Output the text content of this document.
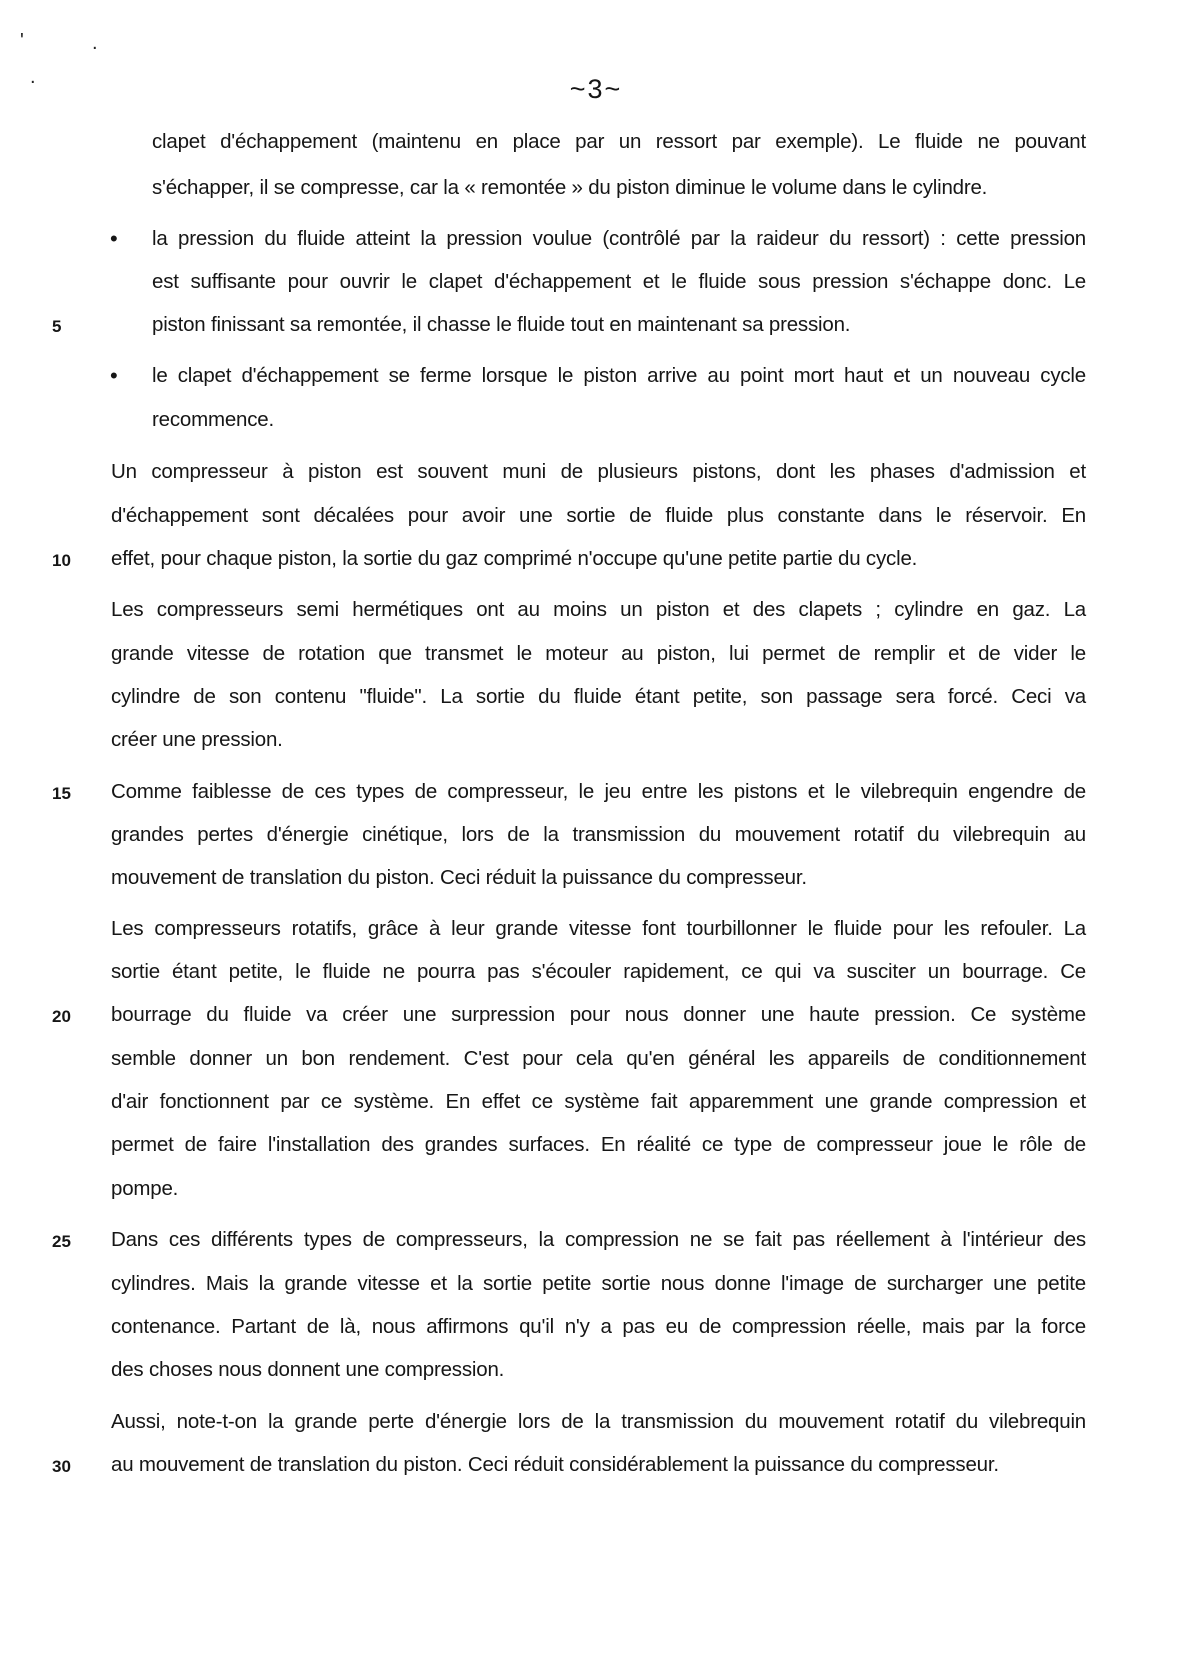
'	.
.	~3~
clapet d'échappement (maintenu en place par un ressort par exemple). Le fluide ne pouvant
s'échapper, il se compresse, car la « remontée » du piston diminue le volume dans le cylindre.
• la pression du fluide atteint la pression voulue (contrôlé par la raideur du ressort) : cette pression
est suffisante pour ouvrir le clapet d'échappement et le fluide sous pression s'échappe donc. Le
piston finissant sa remontée, il chasse le fluide tout en maintenant sa pression.
• le clapet d'échappement se ferme lorsque le piston arrive au point mort haut et un nouveau cycle
recommence.
Un compresseur à piston est souvent muni de plusieurs pistons, dont les phases d'admission et
d'échappement sont décalées pour avoir une sortie de fluide plus constante dans le réservoir. En
effet, pour chaque piston, la sortie du gaz comprimé n'occupe qu'une petite partie du cycle.
Les compresseurs semi hermétiques ont au moins un piston et des clapets ; cylindre en gaz. La
grande vitesse de rotation que transmet le moteur au piston, lui permet de remplir et de vider le
cylindre de son contenu "fluide". La sortie du fluide étant petite, son passage sera forcé. Ceci va
créer une pression.
Comme faiblesse de ces types de compresseur, le jeu entre les pistons et le vilebrequin engendre de
grandes pertes d'énergie cinétique, lors de la transmission du mouvement rotatif du vilebrequin au
mouvement de translation du piston. Ceci réduit la puissance du compresseur.
Les compresseurs rotatifs, grâce à leur grande vitesse font tourbillonner le fluide pour les refouler. La
sortie étant petite, le fluide ne pourra pas s'écouler rapidement, ce qui va susciter un bourrage. Ce
bourrage du fluide va créer une surpression pour nous donner une haute pression. Ce système
semble donner un bon rendement. C'est pour cela qu'en général les appareils de conditionnement
d'air fonctionnent par ce système. En effet ce système fait apparemment une grande compression et
permet de faire l'installation des grandes surfaces. En réalité ce type de compresseur joue le rôle de
pompe.
Dans ces différents types de compresseurs, la compression ne se fait pas réellement à l'intérieur des
cylindres. Mais la grande vitesse et la sortie petite sortie nous donne l'image de surcharger une petite
contenance. Partant de là, nous affirmons qu'il n'y a pas eu de compression réelle, mais par la force
des choses nous donnent une compression.
Aussi, note-t-on la grande perte d'énergie lors de la transmission du mouvement rotatif du vilebrequin
au mouvement de translation du piston. Ceci réduit considérablement la puissance du compresseur.
5
10
15
20
25
30
